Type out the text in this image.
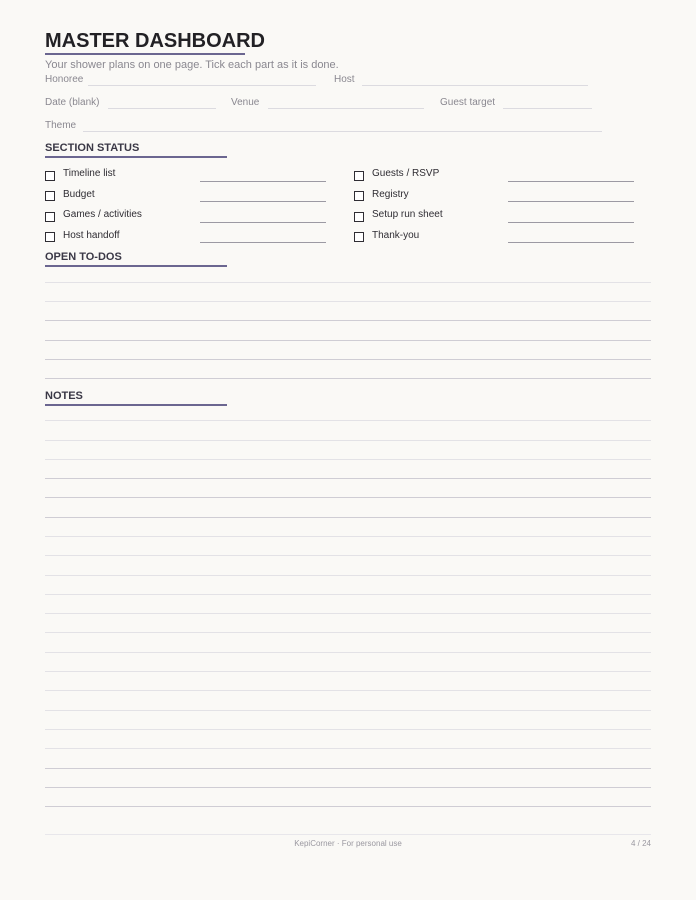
MASTER DASHBOARD
Your shower plans on one page. Tick each part as it is done.
Honoree	Host
Date (blank)	Venue	Guest target
Theme
SECTION STATUS
Timeline list
Budget
Games / activities
Host handoff
Guests / RSVP
Registry
Setup run sheet
Thank-you
OPEN TO-DOS
NOTES
KepiCorner · For personal use	4 / 24
